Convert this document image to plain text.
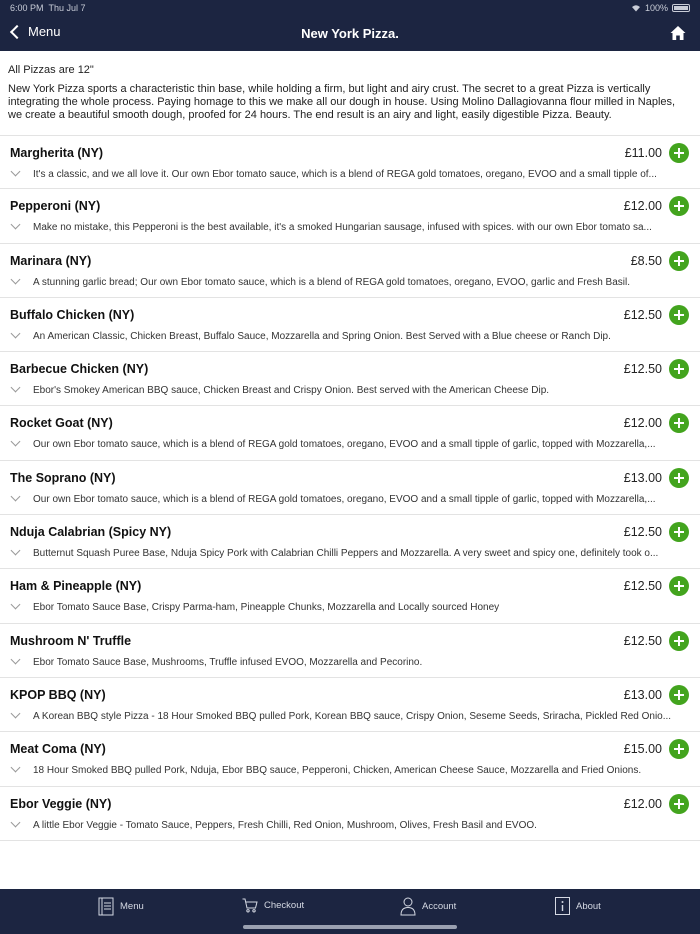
6:00 PM Thu Jul 7	100%
Menu	New York Pizza.
All Pizzas are 12"
New York Pizza sports a characteristic thin base, while holding a firm, but light and airy crust. The secret to a great Pizza is vertically integrating the whole process. Paying homage to this we make all our dough in house. Using Molino Dallagiovanna flour milled in Naples, we create a beautiful smooth dough, proofed for 24 hours. The end result is an airy and light, easily digestible Pizza. Beauty.
Margherita (NY)	£11.00
It's a classic, and we all love it. Our own Ebor tomato sauce, which is a blend of REGA gold tomatoes, oregano, EVOO and a small tipple of...
Pepperoni (NY)	£12.00
Make no mistake, this Pepperoni is the best available, it's a smoked Hungarian sausage, infused with spices. with our own Ebor tomato sa...
Marinara (NY)	£8.50
A stunning garlic bread; Our own Ebor tomato sauce, which is a blend of REGA gold tomatoes, oregano, EVOO, garlic and Fresh Basil.
Buffalo Chicken (NY)	£12.50
An American Classic, Chicken Breast, Buffalo Sauce, Mozzarella and Spring Onion. Best Served with a Blue cheese or Ranch Dip.
Barbecue Chicken (NY)	£12.50
Ebor's Smokey American BBQ sauce, Chicken Breast and Crispy Onion. Best served with the American Cheese Dip.
Rocket Goat (NY)	£12.00
Our own Ebor tomato sauce, which is a blend of REGA gold tomatoes, oregano, EVOO and a small tipple of garlic, topped with Mozzarella,...
The Soprano (NY)	£13.00
Our own Ebor tomato sauce, which is a blend of REGA gold tomatoes, oregano, EVOO and a small tipple of garlic, topped with Mozzarella,...
Nduja Calabrian (Spicy NY)	£12.50
Butternut Squash Puree Base, Nduja Spicy Pork with Calabrian Chilli Peppers and Mozzarella. A very sweet and spicy one, definitely took o...
Ham & Pineapple (NY)	£12.50
Ebor Tomato Sauce Base, Crispy Parma-ham, Pineapple Chunks, Mozzarella and Locally sourced Honey
Mushroom N' Truffle	£12.50
Ebor Tomato Sauce Base, Mushrooms, Truffle infused EVOO, Mozzarella and Pecorino.
KPOP BBQ (NY)	£13.00
A Korean BBQ style Pizza - 18 Hour Smoked BBQ pulled Pork, Korean BBQ sauce, Crispy Onion, Seseme Seeds, Sriracha, Pickled Red Onio...
Meat Coma (NY)	£15.00
18 Hour Smoked BBQ pulled Pork, Nduja, Ebor BBQ sauce, Pepperoni, Chicken, American Cheese Sauce, Mozzarella and Fried Onions.
Ebor Veggie (NY)	£12.00
A little Ebor Veggie - Tomato Sauce, Peppers, Fresh Chilli, Red Onion, Mushroom, Olives, Fresh Basil and EVOO.
Menu	Checkout	Account	About
